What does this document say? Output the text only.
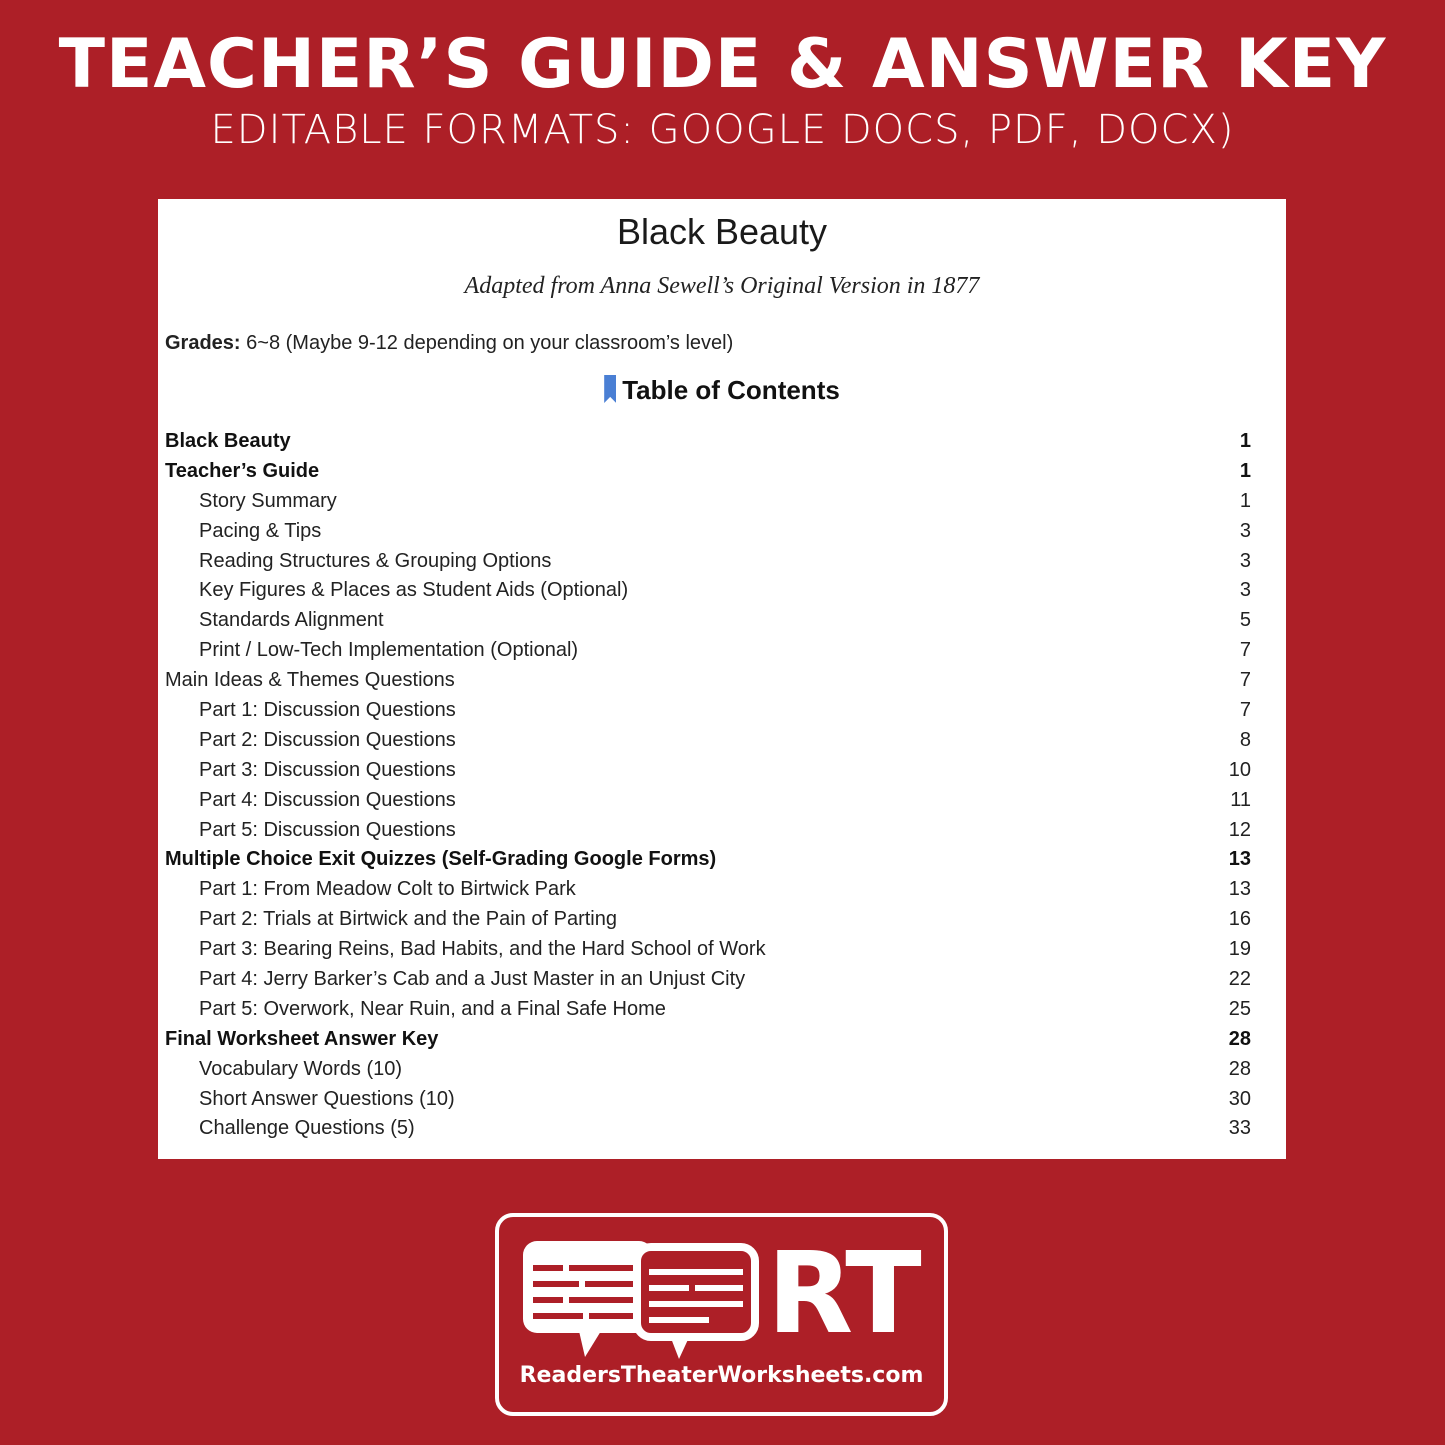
TEACHER’S GUIDE & ANSWER KEY
EDITABLE FORMATS: GOOGLE DOCS, PDF, DOCX)
Black Beauty
Adapted from Anna Sewell’s Original Version in 1877
Grades: 6~8 (Maybe 9-12 depending on your classroom’s level)
Table of Contents
Black Beauty	1
Teacher’s Guide	1
Story Summary	1
Pacing & Tips	3
Reading Structures & Grouping Options	3
Key Figures & Places as Student Aids (Optional)	3
Standards Alignment	5
Print / Low-Tech Implementation (Optional)	7
Main Ideas & Themes Questions	7
Part 1: Discussion Questions	7
Part 2: Discussion Questions	8
Part 3: Discussion Questions	10
Part 4: Discussion Questions	11
Part 5: Discussion Questions	12
Multiple Choice Exit Quizzes (Self-Grading Google Forms)	13
Part 1: From Meadow Colt to Birtwick Park	13
Part 2: Trials at Birtwick and the Pain of Parting	16
Part 3: Bearing Reins, Bad Habits, and the Hard School of Work	19
Part 4: Jerry Barker’s Cab and a Just Master in an Unjust City	22
Part 5: Overwork, Near Ruin, and a Final Safe Home	25
Final Worksheet Answer Key	28
Vocabulary Words (10)	28
Short Answer Questions (10)	30
Challenge Questions (5)	33
RT
ReadersTheaterWorksheets.com
